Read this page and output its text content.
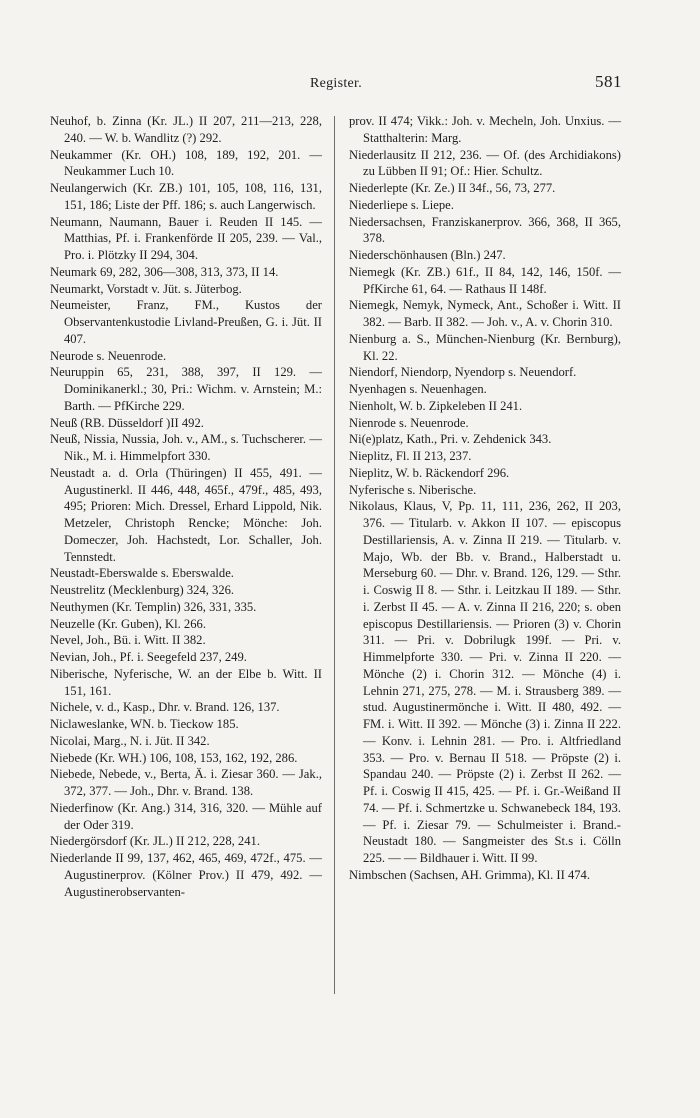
Register.	581

Neuhof, b. Zinna (Kr. JL.) II 207, 211—213, 228, 240. — W. b. Wandlitz (?) 292.

Neukammer (Kr. OH.) 108, 189, 192, 201. — Neukammer Luch 10.

Neulangerwich (Kr. ZB.) 101, 105, 108, 116, 131, 151, 186; Liste der Pff. 186; s. auch Langerwisch.

Neumann, Naumann, Bauer i. Reuden II 145. — Matthias, Pf. i. Frankenförde II 205, 239. — Val., Pro. i. Plötzky II 294, 304.

Neumark 69, 282, 306—308, 313, 373, II 14.

Neumarkt, Vorstadt v. Jüt. s. Jüterbog.

Neumeister, Franz, FM., Kustos der Observantenkustodie Livland-Preußen, G. i. Jüt. II 407.

Neurode s. Neuenrode.

Neuruppin 65, 231, 388, 397, II 129. — Dominikanerkl.; 30, Pri.: Wichm. v. Arnstein; M.: Barth. — PfKirche 229.

Neuß (RB. Düsseldorf )II 492.

Neuß, Nissia, Nussia, Joh. v., AM., s. Tuchscherer. — Nik., M. i. Himmelpfort 330.

Neustadt a. d. Orla (Thüringen) II 455, 491. — Augustinerkl. II 446, 448, 465f., 479f., 485, 493, 495; Prioren: Mich. Dressel, Erhard Lippold, Nik. Metzeler, Christoph Rencke; Mönche: Joh. Domeczer, Joh. Hachstedt, Lor. Schaller, Joh. Tennstedt.

Neustadt-Eberswalde s. Eberswalde.

Neustrelitz (Mecklenburg) 324, 326.

Neuthymen (Kr. Templin) 326, 331, 335.

Neuzelle (Kr. Guben), Kl. 266.

Nevel, Joh., Bü. i. Witt. II 382.

Nevian, Joh., Pf. i. Seegefeld 237, 249.

Niberische, Nyferische, W. an der Elbe b. Witt. II 151, 161.

Nichele, v. d., Kasp., Dhr. v. Brand. 126, 137.

Niclaweslanke, WN. b. Tieckow 185.

Nicolai, Marg., N. i. Jüt. II 342.

Niebede (Kr. WH.) 106, 108, 153, 162, 192, 286.

Niebede, Nebede, v., Berta, Ä. i. Ziesar 360. — Jak., 372, 377. — Joh., Dhr. v. Brand. 138.

Niederfinow (Kr. Ang.) 314, 316, 320. — Mühle auf der Oder 319.

Niedergörsdorf (Kr. JL.) II 212, 228, 241.

Niederlande II 99, 137, 462, 465, 469, 472f., 475. — Augustinerprov. (Kölner Prov.) II 479, 492. — Augustinerobservanten-

prov. II 474; Vikk.: Joh. v. Mecheln, Joh. Unxius. — Statthalterin: Marg.

Niederlausitz II 212, 236. — Of. (des Archidiakons) zu Lübben II 91; Of.: Hier. Schultz.

Niederlepte (Kr. Ze.) II 34f., 56, 73, 277.

Niederliepe s. Liepe.

Niedersachsen, Franziskanerprov. 366, 368, II 365, 378.

Niederschönhausen (Bln.) 247.

Niemegk (Kr. ZB.) 61f., II 84, 142, 146, 150f. — PfKirche 61, 64. — Rathaus II 148f.

Niemegk, Nemyk, Nymeck, Ant., Schoßer i. Witt. II 382. — Barb. II 382. — Joh. v., A. v. Chorin 310.

Nienburg a. S., München-Nienburg (Kr. Bernburg), Kl. 22.

Niendorf, Niendorp, Nyendorp s. Neuendorf.

Nyenhagen s. Neuenhagen.

Nienholt, W. b. Zipkeleben II 241.

Nienrode s. Neuenrode.

Ni(e)platz, Kath., Pri. v. Zehdenick 343.

Nieplitz, Fl. II 213, 237.

Nieplitz, W. b. Räckendorf 296.

Nyferische s. Niberische.

Nikolaus, Klaus, V, Pp. 11, 111, 236, 262, II 203, 376. — Titularb. v. Akkon II 107. — episcopus Destillariensis, A. v. Zinna II 219. — Titularb. v. Majo, Wb. der Bb. v. Brand., Halberstadt u. Merseburg 60. — Dhr. v. Brand. 126, 129. — Sthr. i. Coswig II 8. — Sthr. i. Leitzkau II 189. — Sthr. i. Zerbst II 45. — A. v. Zinna II 216, 220; s. oben episcopus Destillariensis. — Prioren (3) v. Chorin 311. — Pri. v. Dobrilugk 199f. — Pri. v. Himmelpforte 330. — Pri. v. Zinna II 220. — Mönche (2) i. Chorin 312. — Mönche (4) i. Lehnin 271, 275, 278. — M. i. Strausberg 389. — stud. Augustinermönche i. Witt. II 480, 492. — FM. i. Witt. II 392. — Mönche (3) i. Zinna II 222. — Konv. i. Lehnin 281. — Pro. i. Altfriedland 353. — Pro. v. Bernau II 518. — Pröpste (2) i. Spandau 240. — Pröpste (2) i. Zerbst II 262. — Pf. i. Coswig II 415, 425. — Pf. i. Gr.-Weißand II 74. — Pf. i. Schmertzke u. Schwanebeck 184, 193. — Pf. i. Ziesar 79. — Schulmeister i. Brand.-Neustadt 180. — Sangmeister des St.s i. Cölln 225. — — Bildhauer i. Witt. II 99.

Nimbschen (Sachsen, AH. Grimma), Kl. II 474.
